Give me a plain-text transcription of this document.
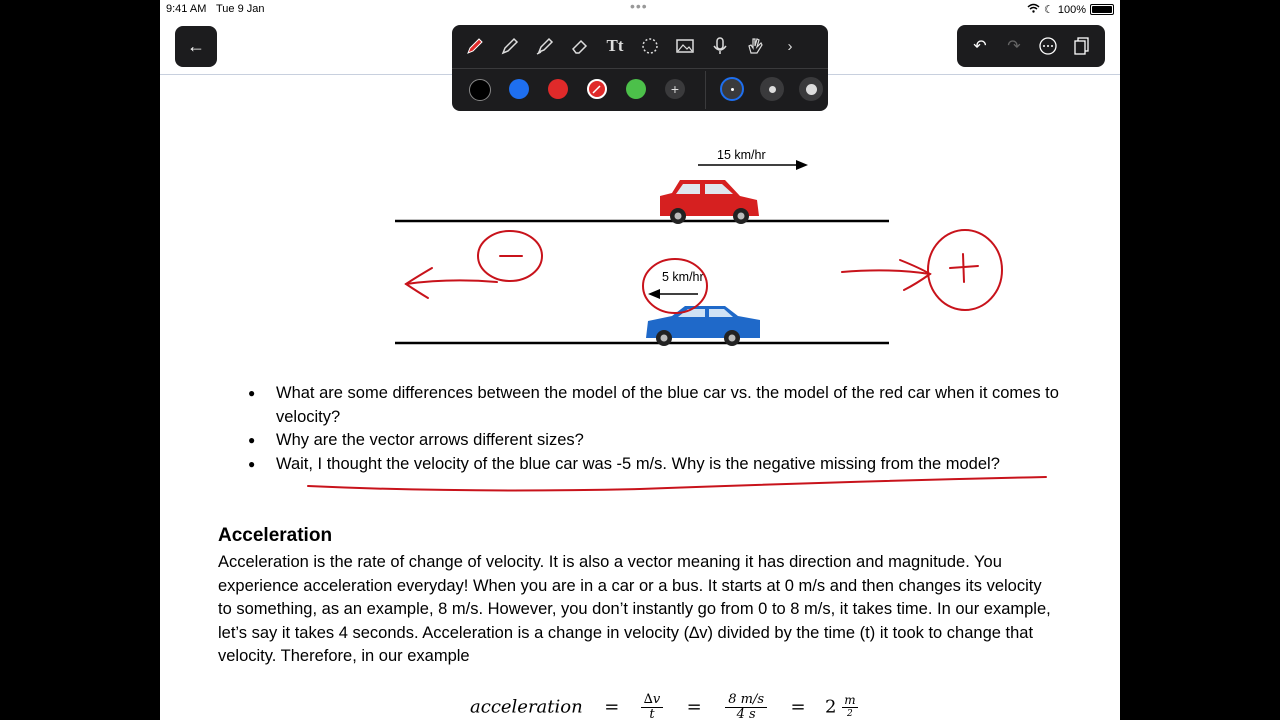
9:41 AM Tue 9 Jan	•••	☾ 100%
←	Tt	›
+
↶ ↷
15 km/hr
5 km/hr
● What are some differences between the model of the blue car vs. the model of the red car when it comes to velocity?
● Why are the vector arrows different sizes?
● Wait, I thought the velocity of the blue car was -5 m/s. Why is the negative missing from the model?
Acceleration
Acceleration is the rate of change of velocity. It is also a vector meaning it has direction and magnitude. You experience acceleration everyday! When you are in a car or a bus. It starts at 0 m/s and then changes its velocity to something, as an example, 8 m/s. However, you don’t instantly go from 0 to 8 m/s, it takes time. In our example, let’s say it takes 4 seconds. Acceleration is a change in velocity (∆v) divided by the time (t) it took to change that velocity. Therefore, in our example
acceleration = $\frac{\Delta v}{t} = \frac{8 m/s}{4 s} = 2$ m
2
